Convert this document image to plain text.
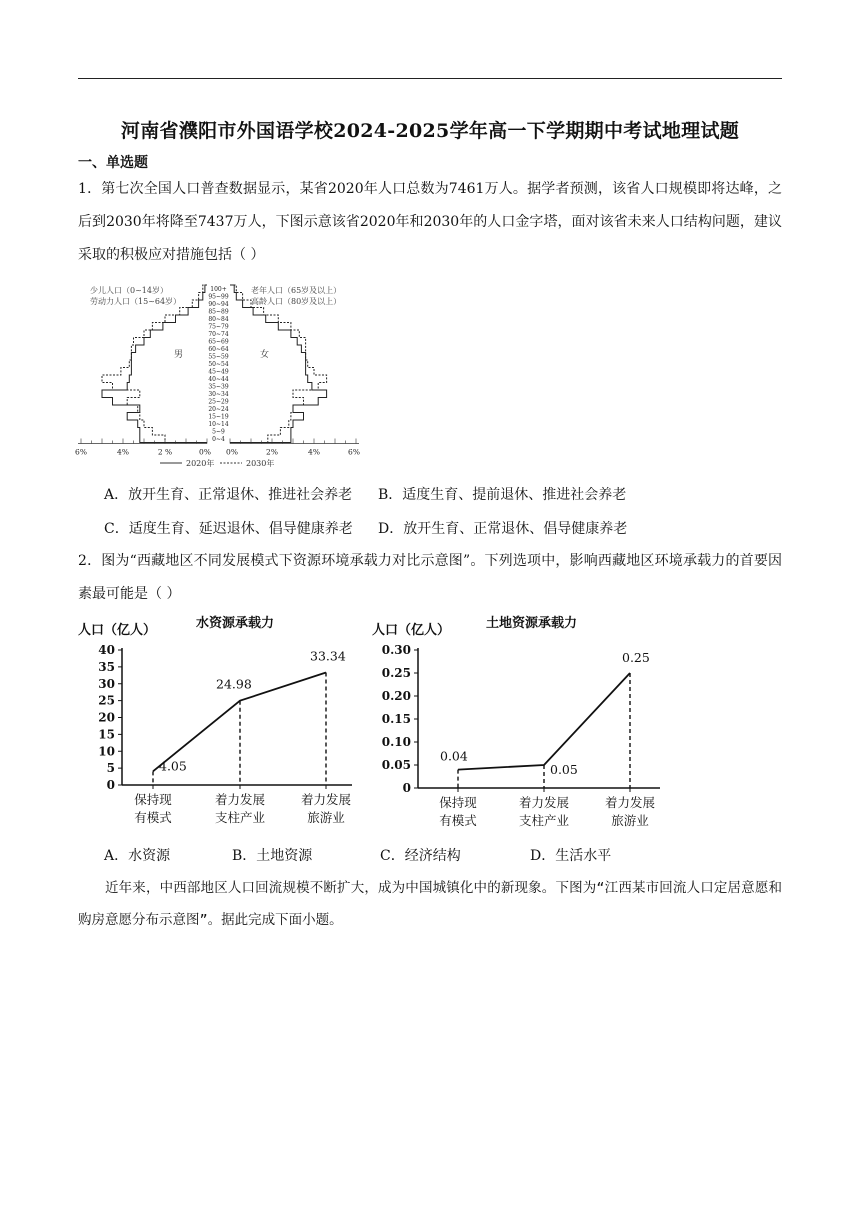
河南省濮阳市外国语学校2024-2025学年高一下学期期中考试地理试题
一、单选题
1．第七次全国人口普查数据显示，某省2020年人口总数为7461万人。据学者预测，该省人口规模即将达峰，之后到2030年将降至7437万人，下图示意该省2020年和2030年的人口金字塔，面对该省未来人口结构问题，建议采取的积极应对措施包括（ ）
100+
95~99
90~94
85~89
80~84
75~79
70~74
65~69
60~64
55~59
50~54
45~49
40~44
35~39
30~34
25~29
20~24
15~19
10~14
5~9
0~4
6%	4%	2 %	0% 0%	2%	4%	6%
少儿人口（0~14岁）
劳动力人口（15~64岁）
老年人口（65岁及以上）
高龄人口（80岁及以上）
男	女
2020年	2030年
A．放开生育、正常退休、推进社会养老 B．适度生育、提前退休、推进社会养老
C．适度生育、延迟退休、倡导健康养老 D．放开生育、正常退休、倡导健康养老
2．图为“西藏地区不同发展模式下资源环境承载力对比示意图”。下列选项中，影响西藏地区环境承载力的首要因素最可能是（ ）
人口（亿人）	水资源承载力
0
5
10
15
20
25
30
35
40
4.05
24.98
33.34
保持现
有模式
着力发展
支柱产业
着力发展
旅游业
人口（亿人）	土地资源承载力
0
0.05
0.10
0.15
0.20
0.25
0.30
0.04
0.05
0.25
保持现
有模式
着力发展
支柱产业
着力发展
旅游业
A．水资源	B．土地资源	C．经济结构	D．生活水平
近年来，中西部地区人口回流规模不断扩大，成为中国城镇化中的新现象。下图为“江西某市回流人口定居意愿和购房意愿分布示意图”。据此完成下面小题。
